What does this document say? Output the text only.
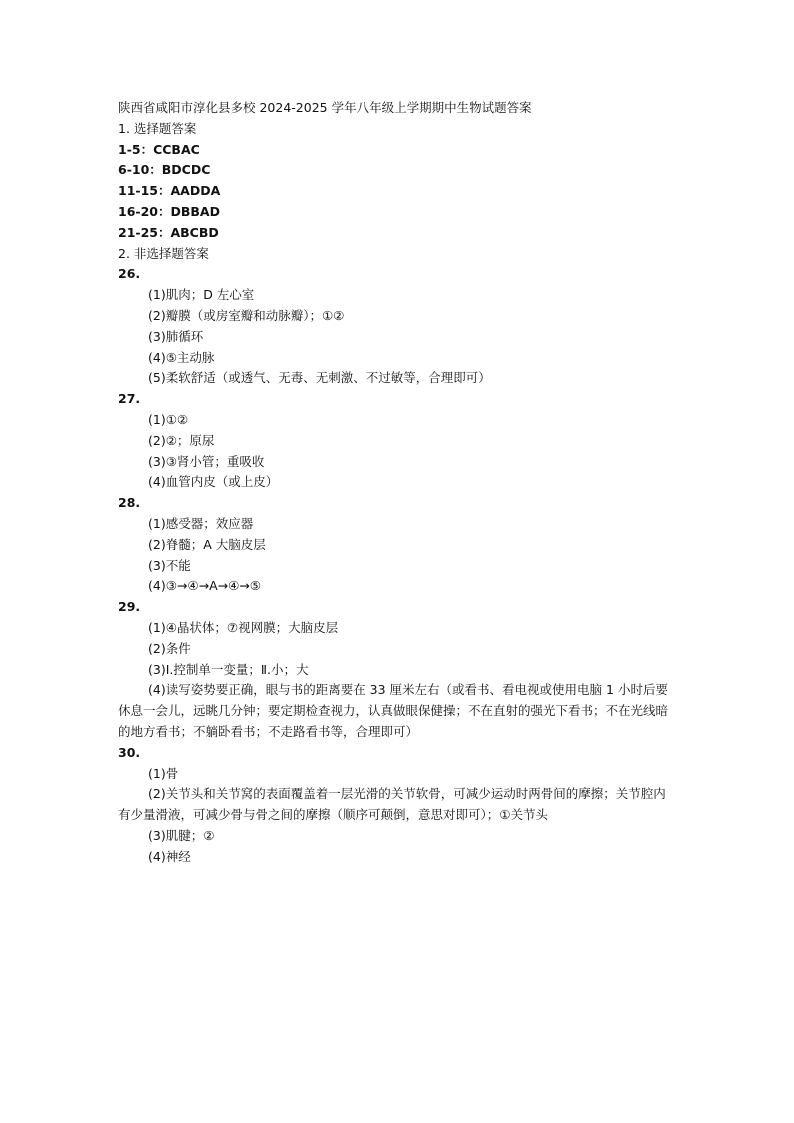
陕西省咸阳市淳化县多校 2024-2025 学年八年级上学期期中生物试题答案
1. 选择题答案
1-5：CCBAC
6-10：BDCDC
11-15：AADDA
16-20：DBBAD
21-25：ABCBD
2. 非选择题答案
26.
(1)肌肉；D 左心室
(2)瓣膜（或房室瓣和动脉瓣）；①②
(3)肺循环
(4)⑤主动脉
(5)柔软舒适（或透气、无毒、无刺激、不过敏等，合理即可）
27.
(1)①②
(2)②；原尿
(3)③肾小管；重吸收
(4)血管内皮（或上皮）
28.
(1)感受器；效应器
(2)脊髓；A 大脑皮层
(3)不能
(4)③→④→A→④→⑤
29.
(1)④晶状体；⑦视网膜；大脑皮层
(2)条件
(3)Ⅰ.控制单一变量；Ⅱ.小；大
(4)读写姿势要正确，眼与书的距离要在 33 厘米左右（或看书、看电视或使用电脑 1 小时后要休息一会儿，远眺几分钟；要定期检查视力，认真做眼保健操；不在直射的强光下看书；不在光线暗的地方看书；不躺卧看书；不走路看书等，合理即可）
30.
(1)骨
(2)关节头和关节窝的表面覆盖着一层光滑的关节软骨，可减少运动时两骨间的摩擦；关节腔内有少量滑液，可减少骨与骨之间的摩擦（顺序可颠倒，意思对即可）；①关节头
(3)肌腱；②
(4)神经
